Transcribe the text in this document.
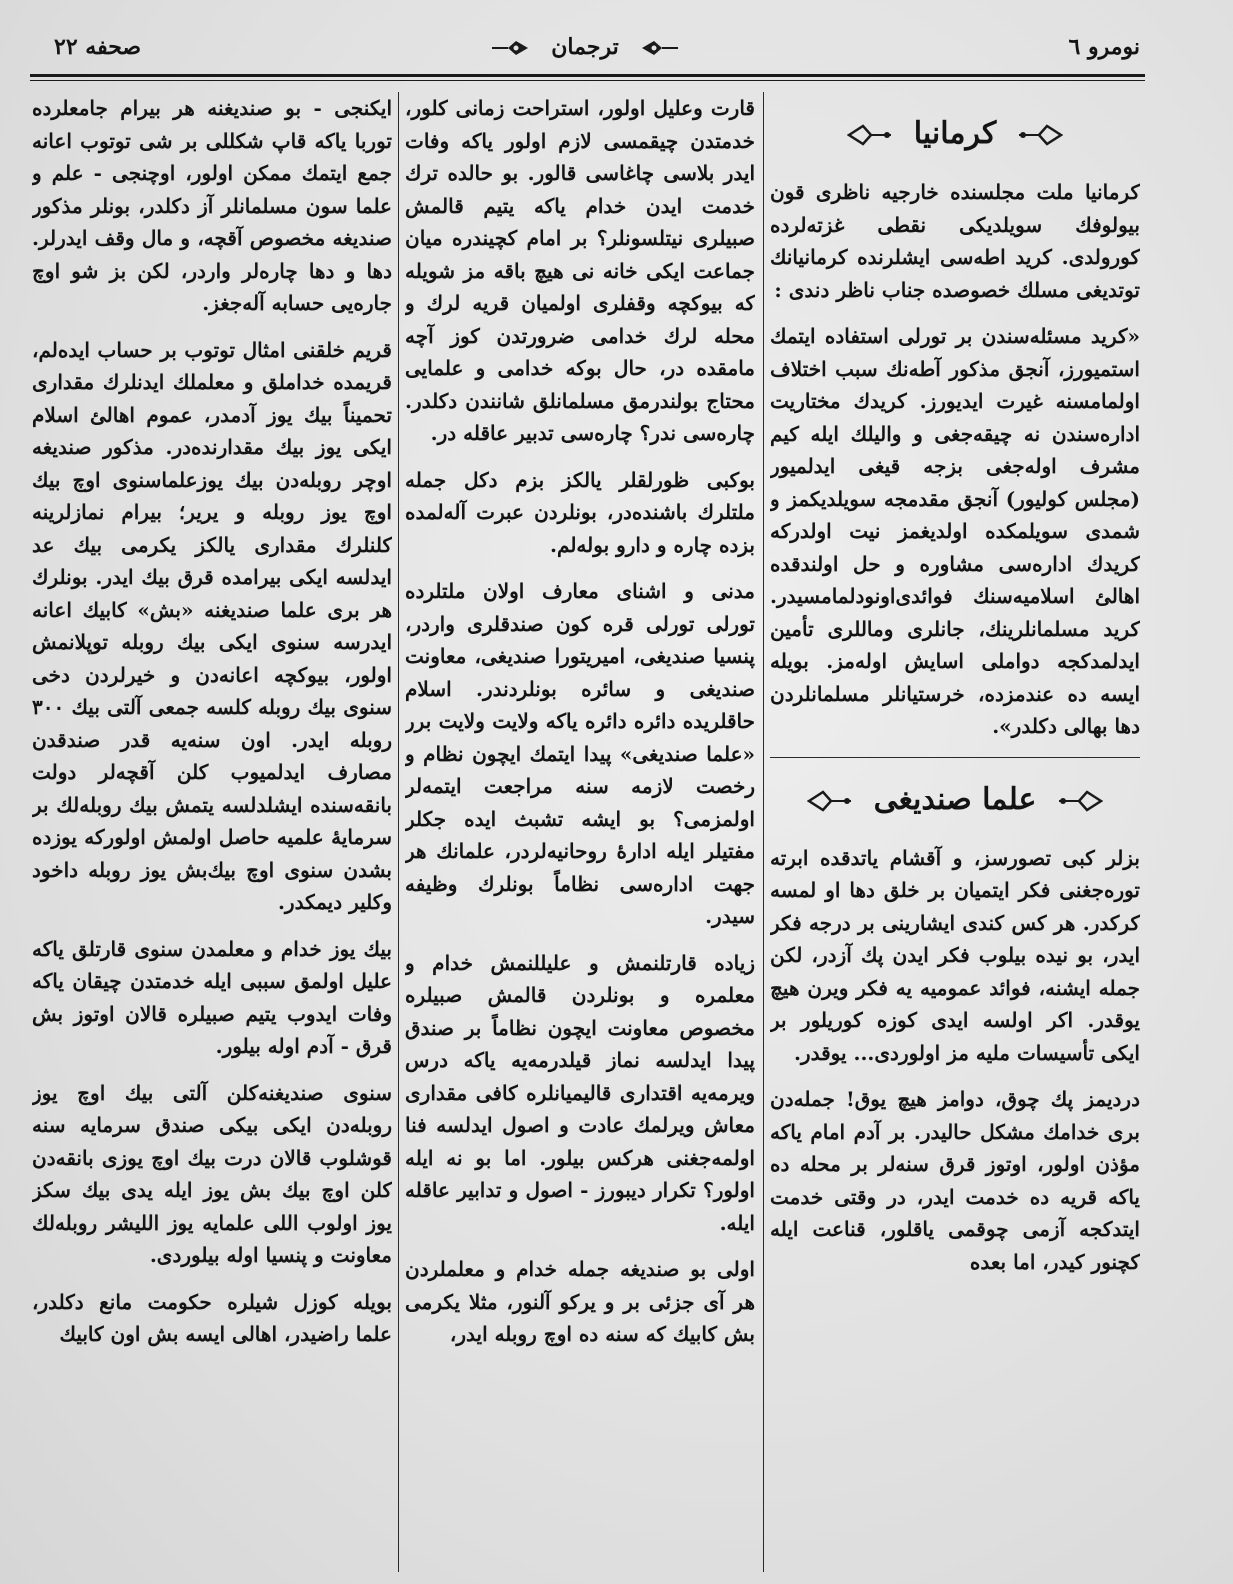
صحفه ۲۲	ترجمان	نومرو ٦
كرمانيا

كرمانيا ملت مجلسنده خارجيه ناظرى قون بيولوفك سويلديكى نقطى غزته‌لرده كورولدى. كريد اطه‌سى ايشلرنده كرمانيانك توتديغى مسلك خصوصده جناب ناظر دندى :

«كريد مسئله‌سندن بر تورلى استفاده ايتمك استميورز، آنجق مذكور آطه‌نك سبب اختلاف اولمامسنه غيرت ايديورز. كريدك مختاريت اداره‌سندن نه چيقه‌جغى و واليلك ايله كيم مشرف اوله‌جغى بزجه قيغى ايدلميور (مجلس كوليور) آنجق مقدمجه سويلديكمز و شمدى سويلمكده اولديغمز نيت اولدركه كريدك اداره‌سى مشاوره و حل اولندقده اهالئ اسلاميه‌سنك فوائدى‌اونودلمامسيدر. كريد مسلمانلرينك، جانلرى وماللرى تأمين ايدلمدكجه دواملى اسايش اوله‌مز. بويله ايسه ده عندمزده، خرستيانلر مسلمانلردن دها بهالى دكلدر».

علما صندیغی

بزلر كبى تصورسز، و آقشام ياتدقده ابرته توره‌جغنى فكر ايتميان بر خلق دها او لمسه كركدر. هر كس كندى ايشارينى بر درجه فكر ايدر، بو نيده بيلوب فكر ايدن پك آزدر، لكن جمله ايشنه، فوائد عموميه يه فكر ويرن هيچ يوقدر. اكر اولسه ايدى كوزه كوريلور بر ايكى تأسيسات مليه مز اولوردى... يوقدر.

درديمز پك چوق، دوامز هيچ يوق! جمله‌دن برى خدامك مشكل حاليدر. بر آدم امام ياكه مؤذن اولور، اوتوز قرق سنه‌لر بر محله ده ياكه قريه ده خدمت ايدر، در وقتى خدمت ايتدكجه آزمى چوقمى ياقلور، قناعت ايله كچنور كيدر، اما بعده

قارت وعليل اولور، استراحت زمانى كلور، خدمتدن چيقمسى لازم اولور ياكه وفات ايدر بلاسى چاغاسى قالور. بو حالده ترك خدمت ايدن خدام ياكه يتيم قالمش صبيلرى نيتلسونلر؟ بر امام كچيندره ميان جماعت ايكى خانه نى هيچ باقه مز شويله كه بيوكچه وقفلرى اولميان قريه لرك و محله لرك خدامى ضرورتدن كوز آچه مامقده در، حال بوكه خدامى و علمايى محتاج بولندرمق مسلمانلق شانندن دكلدر. چاره‌سى ندر؟ چاره‌سى تدبير عاقله در.

بوكبى ظورلقلر يالكز بزم دكل جمله ملتلرك باشنده‌در، بونلردن عبرت آله‌لمده بزده چاره و دارو بوله‌لم.

مدنى و اشناى معارف اولان ملتلرده تورلى تورلى قره كون صندقلرى واردر، پنسيا صنديغى، اميريتورا صنديغى، معاونت صنديغى و سائره بونلردندر. اسلام حاقلريده دائره دائره ياكه ولايت ولايت برر «علما صنديغى» پيدا ايتمك ايچون نظام و رخصت لازمه سنه مراجعت ايتمه‌لر اولمزمى؟ بو ايشه تشبث ايده جكلر مفتيلر ايله ادارهٔ روحانيه‌لردر، علمانك هر جهت اداره‌سى نظاماً بونلرك وظيفه سيدر.

زياده قارتلنمش و عليللنمش خدام و معلمره و بونلردن قالمش صبيلره مخصوص معاونت ايچون نظاماً بر صندق پيدا ايدلسه نماز قيلدرمه‌يه ياكه درس ويرمه‌يه اقتدارى قاليميانلره كافى مقدارى معاش ويرلمك عادت و اصول ايدلسه فنا اولمه‌جغنى هركس بيلور. اما بو نه ايله اولور؟ تكرار ديبورز - اصول و تدابير عاقله ايله.

اولى بو صنديغه جمله خدام و معلملردن هر آى جزئى بر و يركو آلنور، مثلا يكرمى بش كابيك كه سنه ده اوچ روبله ايدر،

ايكنجى - بو صنديغنه هر بيرام جامعلرده توربا ياكه قاپ شكللى بر شى توتوب اعانه جمع ايتمك ممكن اولور، اوچنجى - علم و علما سون مسلمانلر آز دكلدر، بونلر مذكور صنديغه مخصوص آقچه، و مال وقف ايدرلر. دها و دها چاره‌لر واردر، لكن بز شو اوچ جاره‌يى حسابه آله‌جغز.

قريم خلقنى امثال توتوب بر حساب ايدەلم، قريمده خداملق و معلملك ايدنلرك مقدارى تحميناً بيك يوز آدمدر، عموم اهالئ اسلام ايكى يوز بيك مقدارنده‌در. مذكور صنديغه اوچر روبله‌دن بيك يوزعلماسنوى اوچ بيك اوچ يوز روبله و يرير؛ بيرام نمازلرينه كلنلرك مقدارى يالكز يكرمى بيك عد ايدلسه ايكى بيرامده قرق بيك ايدر. بونلرك هر برى علما صنديغنه «بش» كابيك اعانه ايدرسه سنوى ايكى بيك روبله توپلانمش اولور، بيوكچه اعانه‌دن و خيرلردن دخى سنوى بيك روبله كلسه جمعى آلتى بيك ۳۰۰ روبله ايدر. اون سنه‌يه قدر صندقدن مصارف ايدلميوب كلن آقچه‌لر دولت بانقه‌سنده ايشلدلسه يتمش بيك روبله‌لك بر سرمايهٔ علميه حاصل اولمش اولوركه يوزده بشدن سنوى اوچ بيك‌بش يوز روبله داخود وكلير ديمكدر.

بيك يوز خدام و معلمدن سنوى قارتلق ياكه عليل اولمق سببى ايله خدمتدن چيقان ياكه وفات ايدوب يتيم صبيلره قالان اوتوز بش قرق - آدم اوله بيلور.

سنوى صنديغنه‌كلن آلتى بيك اوچ يوز روبله‌دن ايكى بيكى صندق سرمايه سنه قوشلوب قالان درت بيك اوچ يوزى بانقه‌دن كلن اوچ بيك بش يوز ايله يدى بيك سكز يوز اولوب اللى علمايه يوز اللیشر روبله‌لك معاونت و پنسيا اوله بيلوردى.

بويله كوزل شيلره حكومت مانع دكلدر، علما راضيدر، اهالى ايسه بش اون كابيك
